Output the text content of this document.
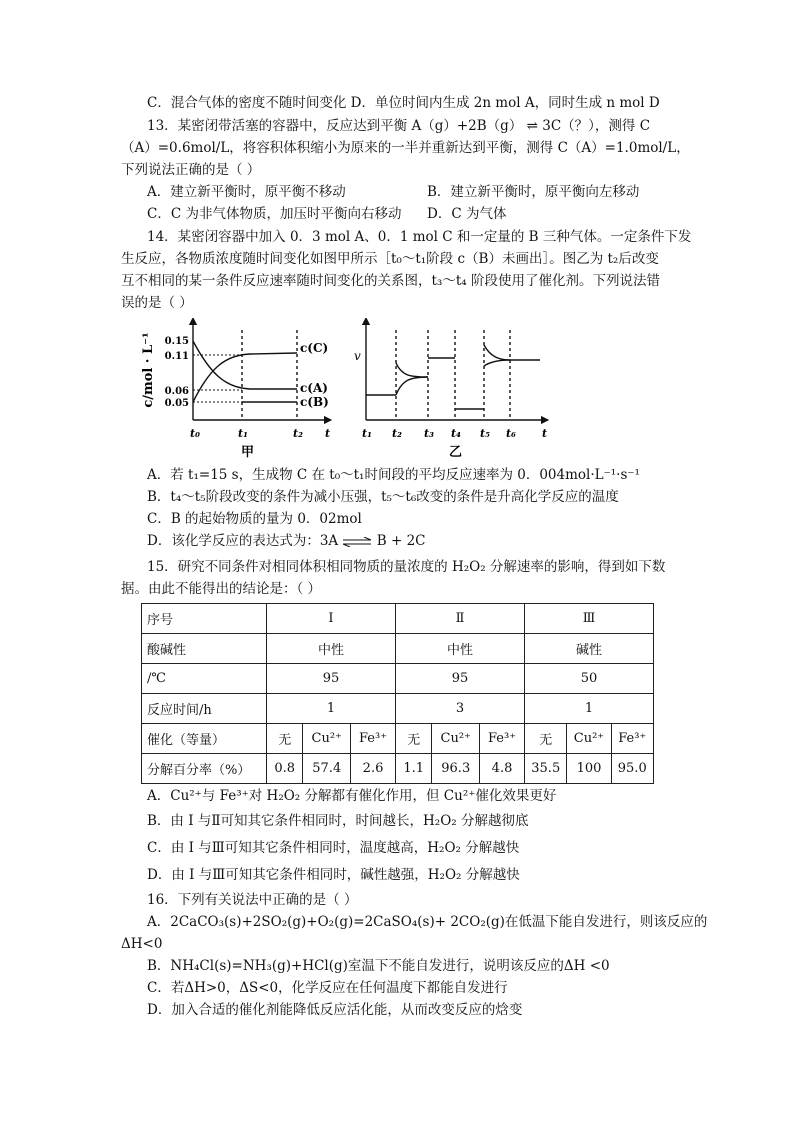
C．混合气体的密度不随时间变化 D．单位时间内生成 2n mol A，同时生成 n mol D
13．某密闭带活塞的容器中，反应达到平衡 A（g）+2B（g） ⇌ 3C（？），测得 C
（A）=0.6mol/L，将容积体积缩小为原来的一半并重新达到平衡，测得 C（A）=1.0mol/L，
下列说法正确的是（ ）
A．建立新平衡时，原平衡不移动	B．建立新平衡时，原平衡向左移动
C．C 为非气体物质，加压时平衡向右移动 D．C 为气体
14．某密闭容器中加入 0．3 mol A、0．1 mol C 和一定量的 B 三种气体。一定条件下发
生反应，各物质浓度随时间变化如图甲所示［t₀～t₁阶段 c（B）未画出］。图乙为 t₂后改变
互不相同的某一条件反应速率随时间变化的关系图，t₃～t₄ 阶段使用了催化剂。下列说法错
误的是（ ）
c/mol · L⁻¹ 0.15
0.11
0.06
0.05
c(C)
c(A)
c(B)
t₀	t₁	t₂ t
甲
v
t₁ t₂ t₃ t₄ t₅ t₆ t
乙
A．若 t₁=15 s，生成物 C 在 t₀～t₁时间段的平均反应速率为 0．004mol·L⁻¹·s⁻¹
B．t₄～t₅阶段改变的条件为减小压强，t₅～t₆改变的条件是升高化学反应的温度
C．B 的起始物质的量为 0．02mol
D．该化学反应的表达式为：3A ⇌ B + 2C
15．研究不同条件对相同体积相同物质的量浓度的 H₂O₂ 分解速率的影响，得到如下数
据。由此不能得出的结论是：（ ）
序号	I			Ⅱ			Ⅲ		
酸碱性	中性			中性			碱性		
/℃	95			95			50		
反应时间/h	1			3			1		
催化（等量）	无	Cu²⁺	Fe³⁺	无	Cu²⁺	Fe³⁺	无	Cu²⁺	Fe³⁺
分解百分率（%）	0.8	57.4	2.6	1.1	96.3	4.8	35.5	100	95.0
A．Cu²⁺与 Fe³⁺对 H₂O₂ 分解都有催化作用，但 Cu²⁺催化效果更好
B．由 I 与Ⅱ可知其它条件相同时，时间越长，H₂O₂ 分解越彻底
C．由 I 与Ⅲ可知其它条件相同时，温度越高，H₂O₂ 分解越快
D．由 I 与Ⅲ可知其它条件相同时，碱性越强，H₂O₂ 分解越快
16．下列有关说法中正确的是（ ）
A．2CaCO₃(s)+2SO₂(g)+O₂(g)=2CaSO₄(s)+ 2CO₂(g)在低温下能自发进行，则该反应的
ΔH<0
B．NH₄Cl(s)=NH₃(g)+HCl(g)室温下不能自发进行，说明该反应的ΔH <0
C．若ΔH>0，ΔS<0，化学反应在任何温度下都能自发进行
D．加入合适的催化剂能降低反应活化能，从而改变反应的焓变
